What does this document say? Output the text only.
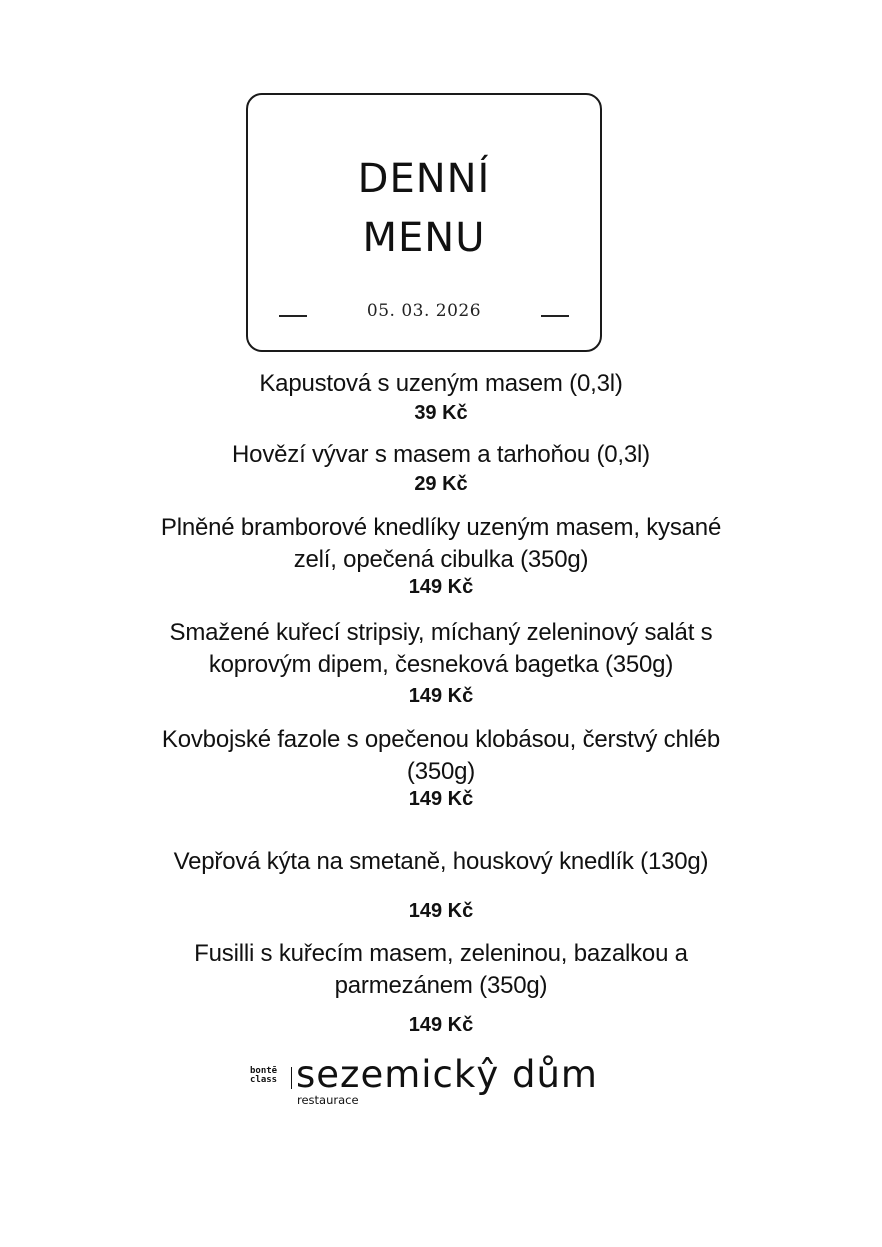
DENNÍ
MENU
05. 03. 2026
Kapustová s uzeným masem (0,3l)
39 Kč
Hovězí vývar s masem a tarhoňou (0,3l)
29 Kč
Plněné bramborové knedlíky uzeným masem, kysané
zelí, opečená cibulka (350g)
149 Kč
Smažené kuřecí stripsiy, míchaný zeleninový salát s
koprovým dipem, česneková bagetka (350g)
149 Kč
Kovbojské fazole s opečenou klobásou, čerstvý chléb
(350g)
149 Kč
Vepřová kýta na smetaně, houskový knedlík (130g)
149 Kč
Fusilli s kuřecím masem, zeleninou, bazalkou a
parmezánem (350g)
149 Kč
bontē
class sezemickŷ dům
restaurace
